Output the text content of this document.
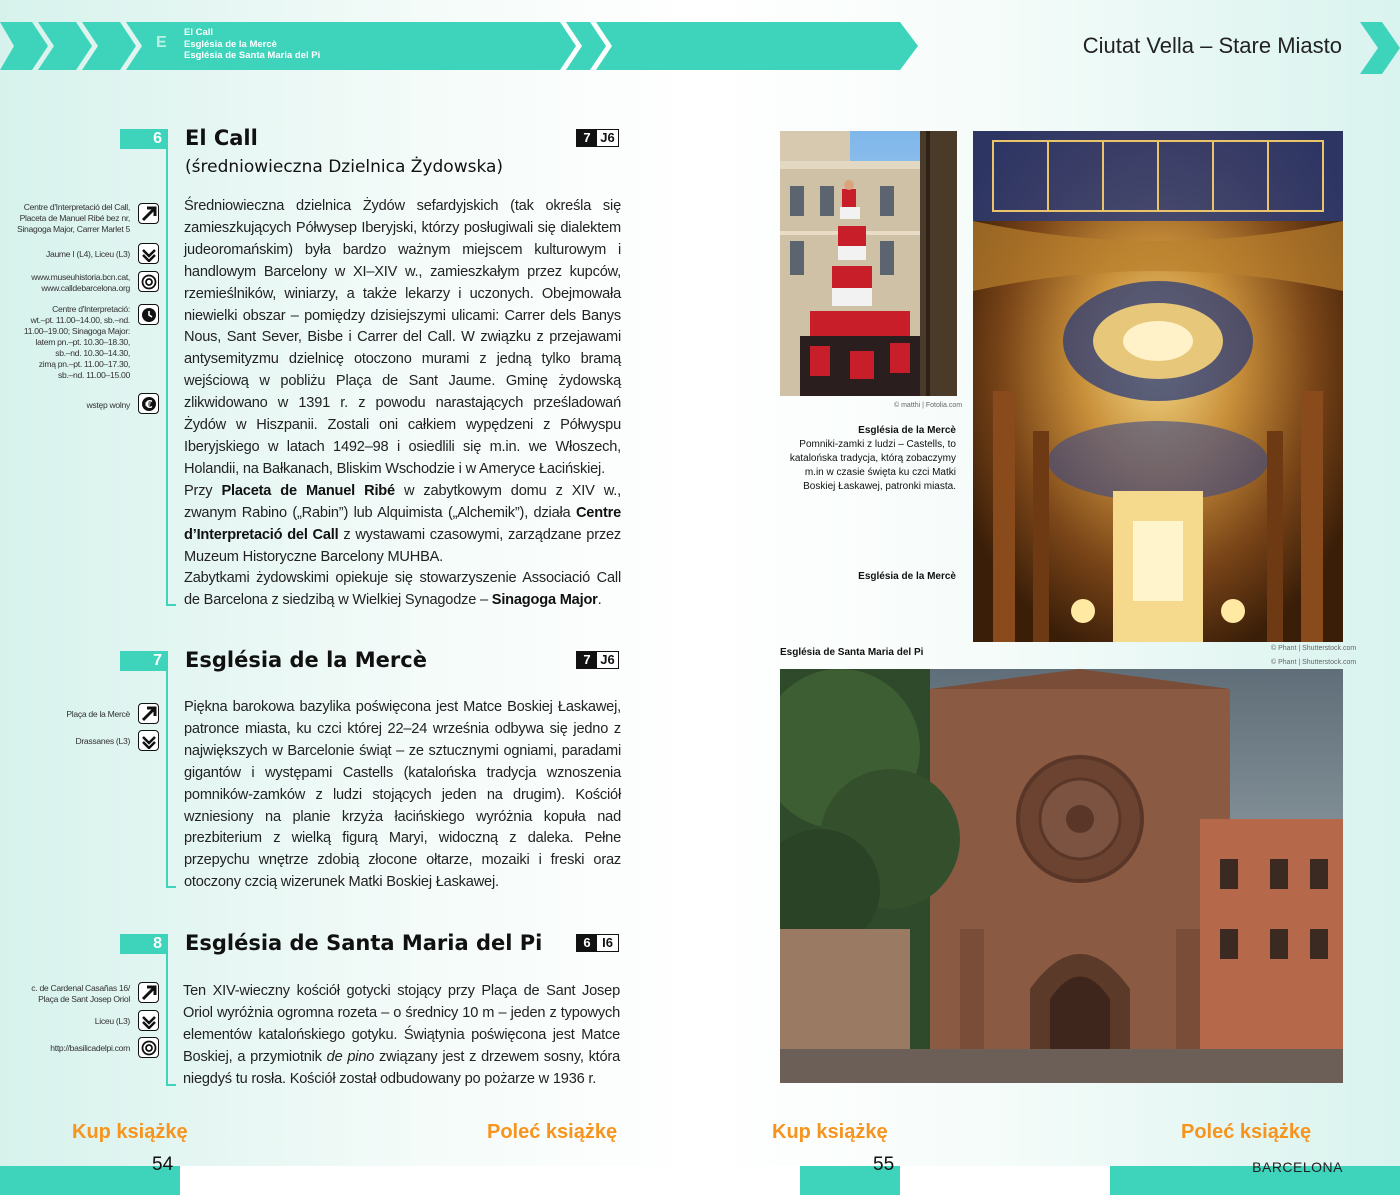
E
El Call
Església de la Mercè
Església de Santa Maria del Pi	Ciutat Vella – Stare Miasto
6 El Call
(średniowieczna Dzielnica Żydowska)
7 J6
Centre d'Interpretació del Call,
Placeta de Manuel Ribé bez nr,
Sinagoga Major, Carrer Marlet 5
Jaume I (L4), Liceu (L3)
www.museuhistoria.bcn.cat,
www.calldebarcelona.org
Centre d'Interpretació:
wt.–pt. 11.00–14.00, sb.–nd.
11.00–19.00; Sinagoga Major:
latem pn.–pt. 10.30–18.30,
sb.–nd. 10.30–14.30,
zimą pn.–pt. 11.00–17.30,
sb.–nd. 11.00–15.00
wstęp wolny €

Średniowieczna dzielnica Żydów sefardyjskich (tak określa się zamieszkujących Półwysep Iberyjski, którzy posługiwali się dialektem judeoromańskim) była bardzo ważnym miejscem kulturowym i handlowym Barcelony w XI–XIV w., zamieszkałym przez kupców, rzemieślników, winiarzy, a także lekarzy i uczonych. Obejmowała niewielki obszar – pomiędzy dzisiejszymi ulicami: Carrer dels Banys Nous, Sant Sever, Bisbe i Carrer del Call. W związku z przejawami antysemityzmu dzielnicę otoczono murami z jedną tylko bramą wejściową w pobliżu Plaça de Sant Jaume. Gminę żydowską zlikwidowano w 1391 r. z powodu narastających prześladowań Żydów w Hiszpanii. Zostali oni całkiem wypędzeni z Półwyspu Iberyjskiego w latach 1492–98 i osiedlili się m.in. we Włoszech, Holandii, na Bałkanach, Bliskim Wschodzie i w Ameryce Łacińskiej.

Przy Placeta de Manuel Ribé w zabytkowym domu z XIV w., zwanym Rabino („Rabin”) lub Alquimista („Alchemik”), działa Centre d’Interpretació del Call z wystawami czasowymi, zarządzane przez Muzeum Historyczne Barcelony MUHBA.

Zabytkami żydowskimi opiekuje się stowarzyszenie Associació Call de Barcelona z siedzibą w Wielkiej Synagodze – Sinagoga Major.

7 Església de la Mercè	7 J6
Plaça de la Mercè
Drassanes (L3)

Piękna barokowa bazylika poświęcona jest Matce Boskiej Łaskawej, patronce miasta, ku czci której 22–24 września odbywa się jedno z największych w Barcelonie świąt – ze sztucznymi ogniami, paradami gigantów i występami Castells (katalońska tradycja wznoszenia pomników-zamków z ludzi stojących jeden na drugim). Kościół wzniesiony na planie krzyża łacińskiego wyróżnia kopuła nad prezbiterium z wielką figurą Maryi, widoczną z daleka. Pełne przepychu wnętrze zdobią złocone ołtarze, mozaiki i freski oraz otoczony czcią wizerunek Matki Boskiej Łaskawej.

8 Església de Santa Maria del Pi	6 I6
c. de Cardenal Casañas 16/
Plaça de Sant Josep Oriol
Liceu (L3)
http://basilicadelpi.com

Ten XIV-wieczny kościół gotycki stojący przy Plaça de Sant Josep Oriol wyróżnia ogromna rozeta – o średnicy 10 m – jeden z typowych elementów katalońskiego gotyku. Świątynia poświęcona jest Matce Boskiej, a przymiotnik de pino związany jest z drzewem sosny, która niegdyś tu rosła. Kościół został odbudowany po pożarze w 1936 r.

© matthi | Fotolia.com
Església de la Mercè
Pomniki-zamki z ludzi – Castells, to katalońska tradycja, którą zobaczymy m.in w czasie święta ku czci Matki Boskiej Łaskawej, patronki miasta.
Església de la Mercè
© Phant | Shutterstock.com
© Phant | Shutterstock.com
Església de Santa Maria del Pi
Kup książkę	Poleć książkę	Kup książkę	Poleć książkę
54	55	BARCELONA
